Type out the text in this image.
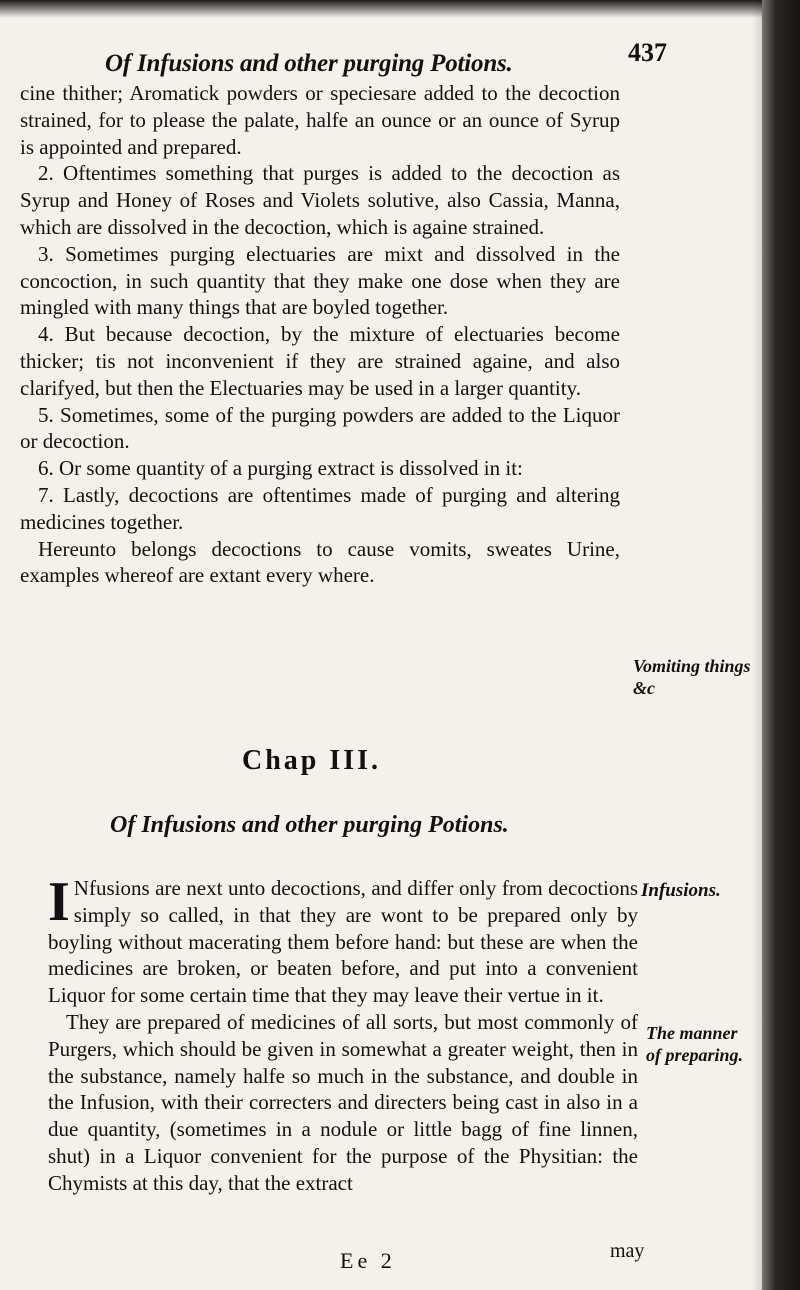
Of Infusions and other purging Potions.	437

cine thither; Aromatick powders or speciesare added to the decoction strained, for to please the palate, halfe an ounce or an ounce of Syrup is appointed and prepared.

2. Oftentimes something that purges is added to the decoction as Syrup and Honey of Roses and Violets solutive, also Cassia, Manna, which are dissolved in the decoction, which is againe strained.

3. Sometimes purging electuaries are mixt and dissolved in the concoction, in such quantity that they make one dose when they are mingled with many things that are boyled together.

4. But because decoction, by the mixture of electuaries become thicker; tis not inconvenient if they are strained againe, and also clarifyed, but then the Electuaries may be used in a larger quantity.

5. Sometimes, some of the purging powders are added to the Liquor or decoction.

6. Or some quantity of a purging extract is dissolved in it:

7. Lastly, decoctions are oftentimes made of purging and altering medicines together.

Hereunto belongs decoctions to cause vomits, sweates Urine, examples whereof are extant every where.

Vomiting things &c
Chap III.
Of Infusions and other purging Potions.

I Nfusions are next unto decoctions, and differ only from decoctions simply so called, in that they are wont to be prepared only by boyling without macerating them before hand: but these are when the medicines are broken, or beaten before, and put into a convenient Liquor for some certain time that they may leave their vertue in it.

They are prepared of medicines of all sorts, but most commonly of Purgers, which should be given in somewhat a greater weight, then in the substance, namely halfe so much in the substance, and double in the Infusion, with their correcters and directers being cast in also in a due quantity, (sometimes in a nodule or little bagg of fine linnen, shut) in a Liquor convenient for the purpose of the Physitian: the Chymists at this day, that the extract

Infusions.
The manner of preparing.
Ee 2	may
